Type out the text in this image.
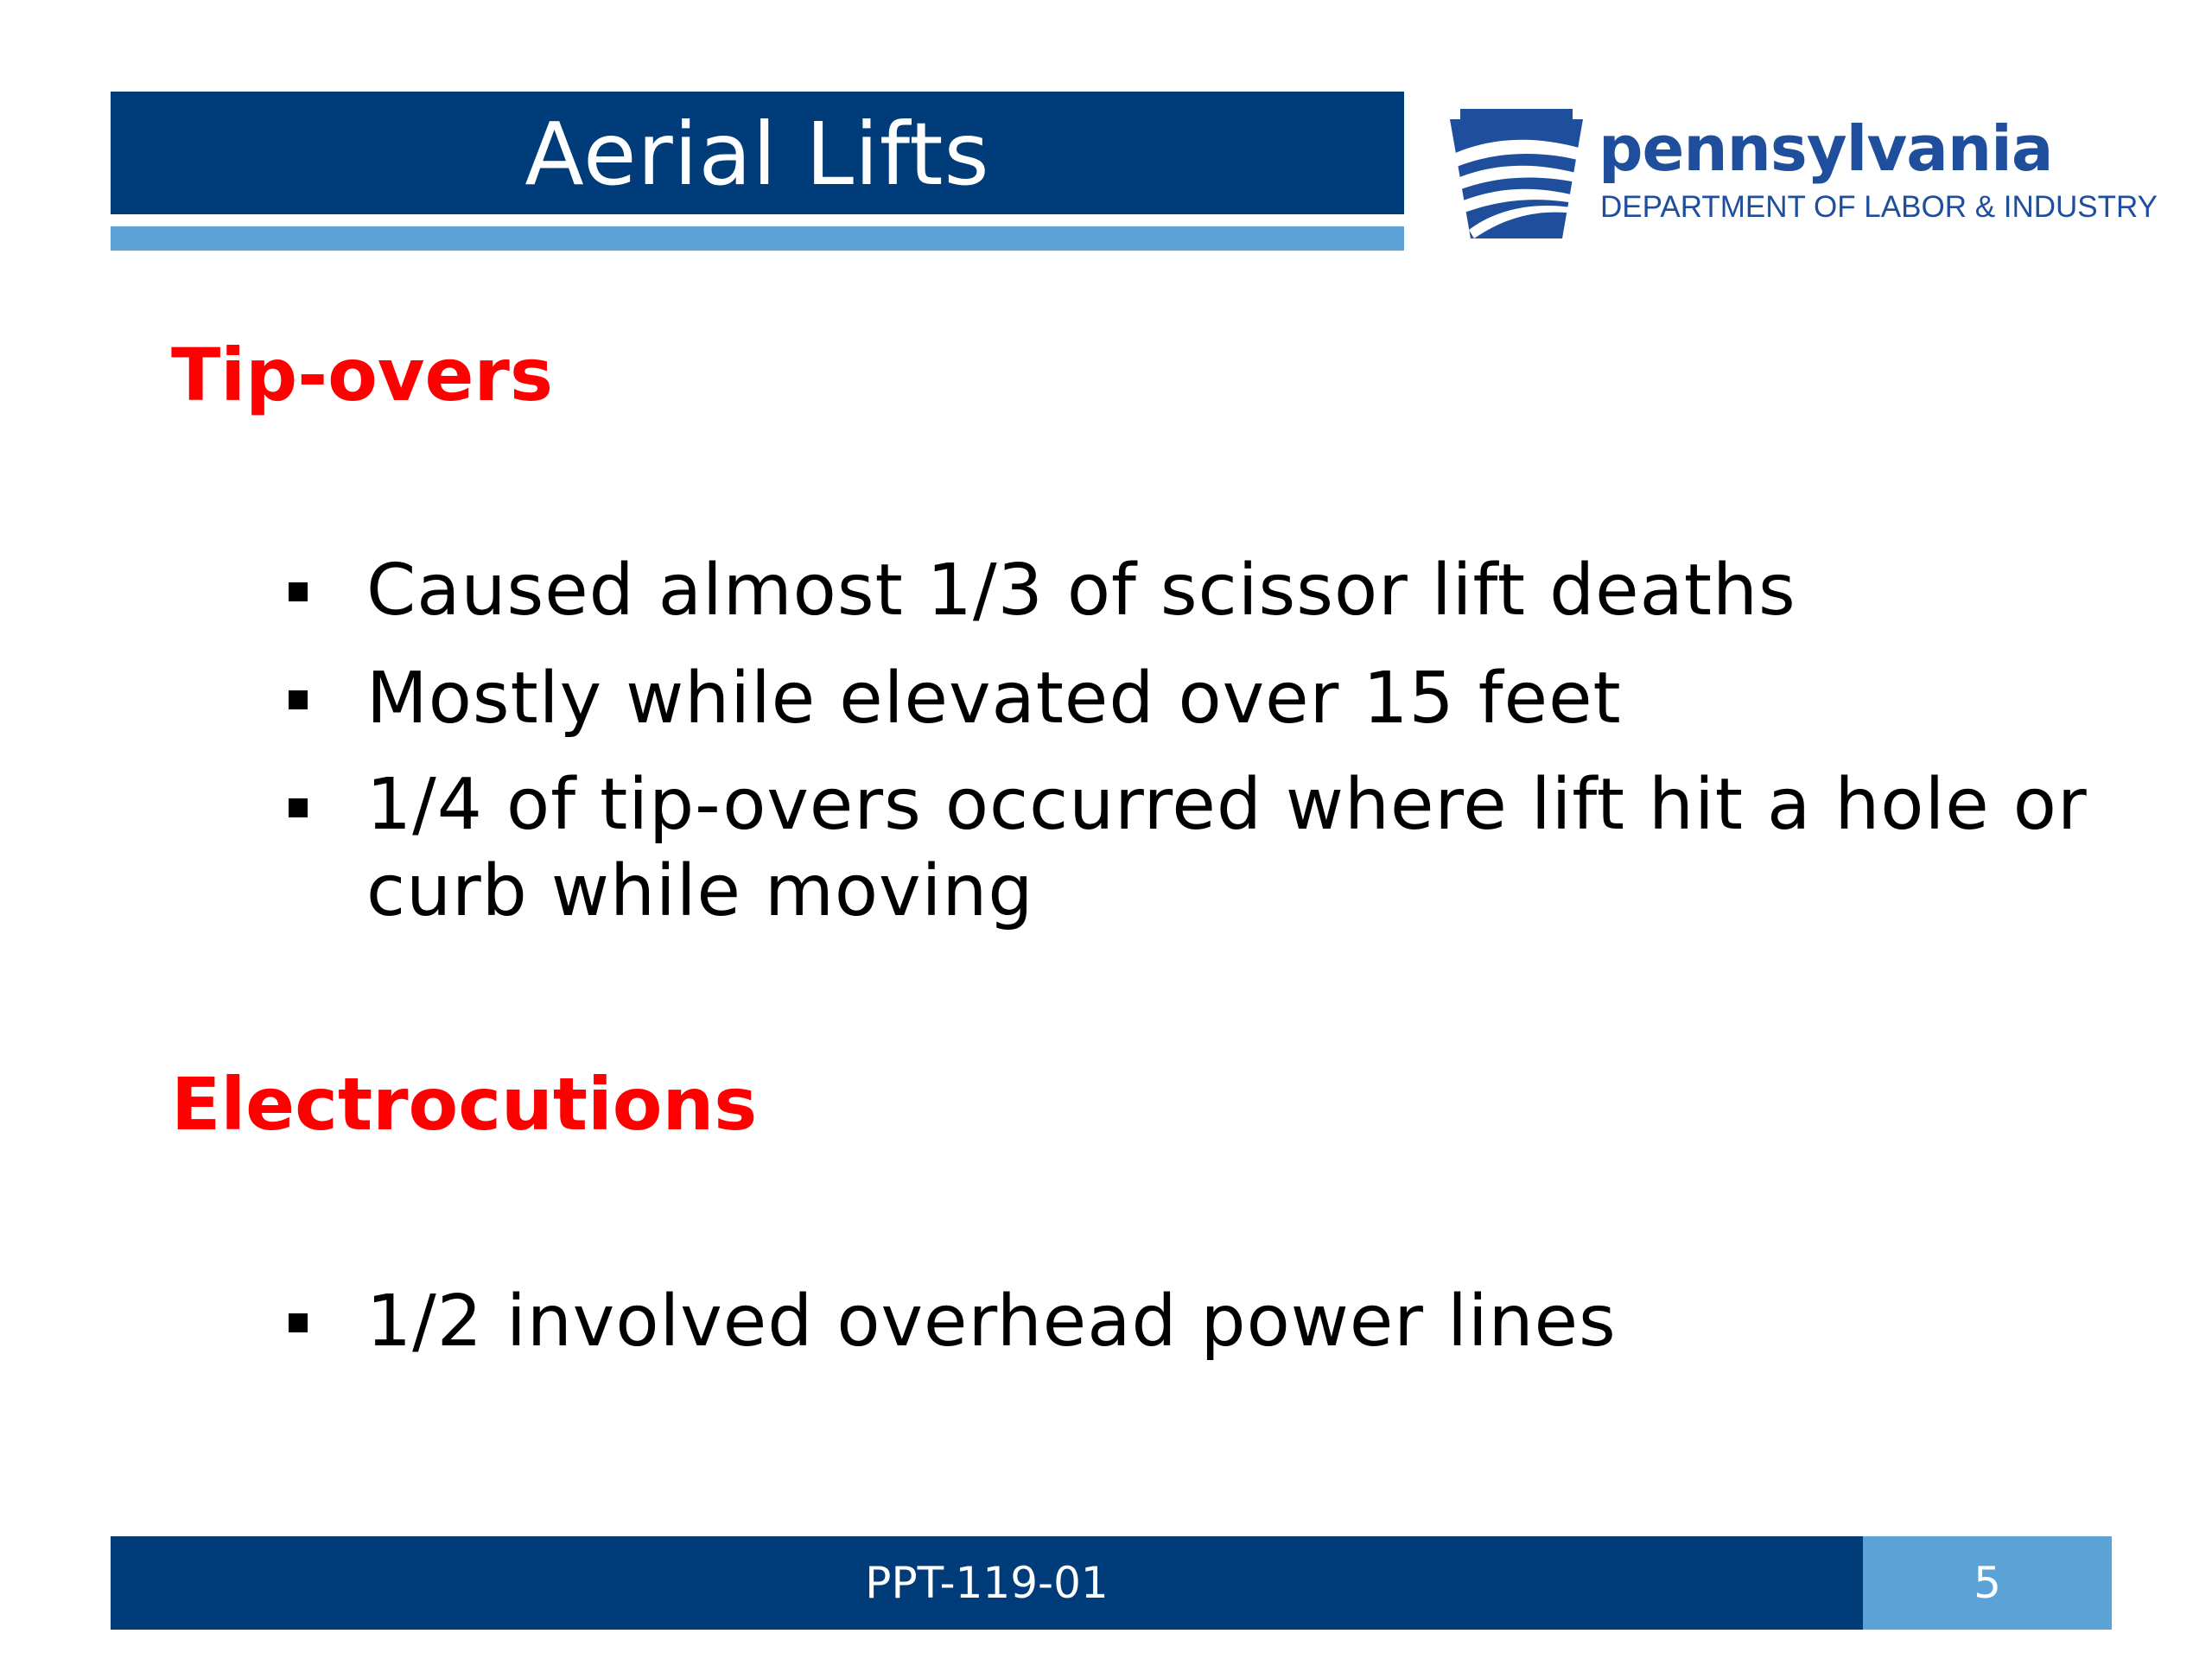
Aerial Lifts	pennsylvania
DEPARTMENT OF LABOR & INDUSTRY
Tip-overs
Caused almost 1/3 of scissor lift deaths
Mostly while elevated over 15 feet
1/4 of tip-overs occurred where lift hit a hole or  curb while moving
Electrocutions
1/2 involved overhead power lines
PPT-119-01	5
